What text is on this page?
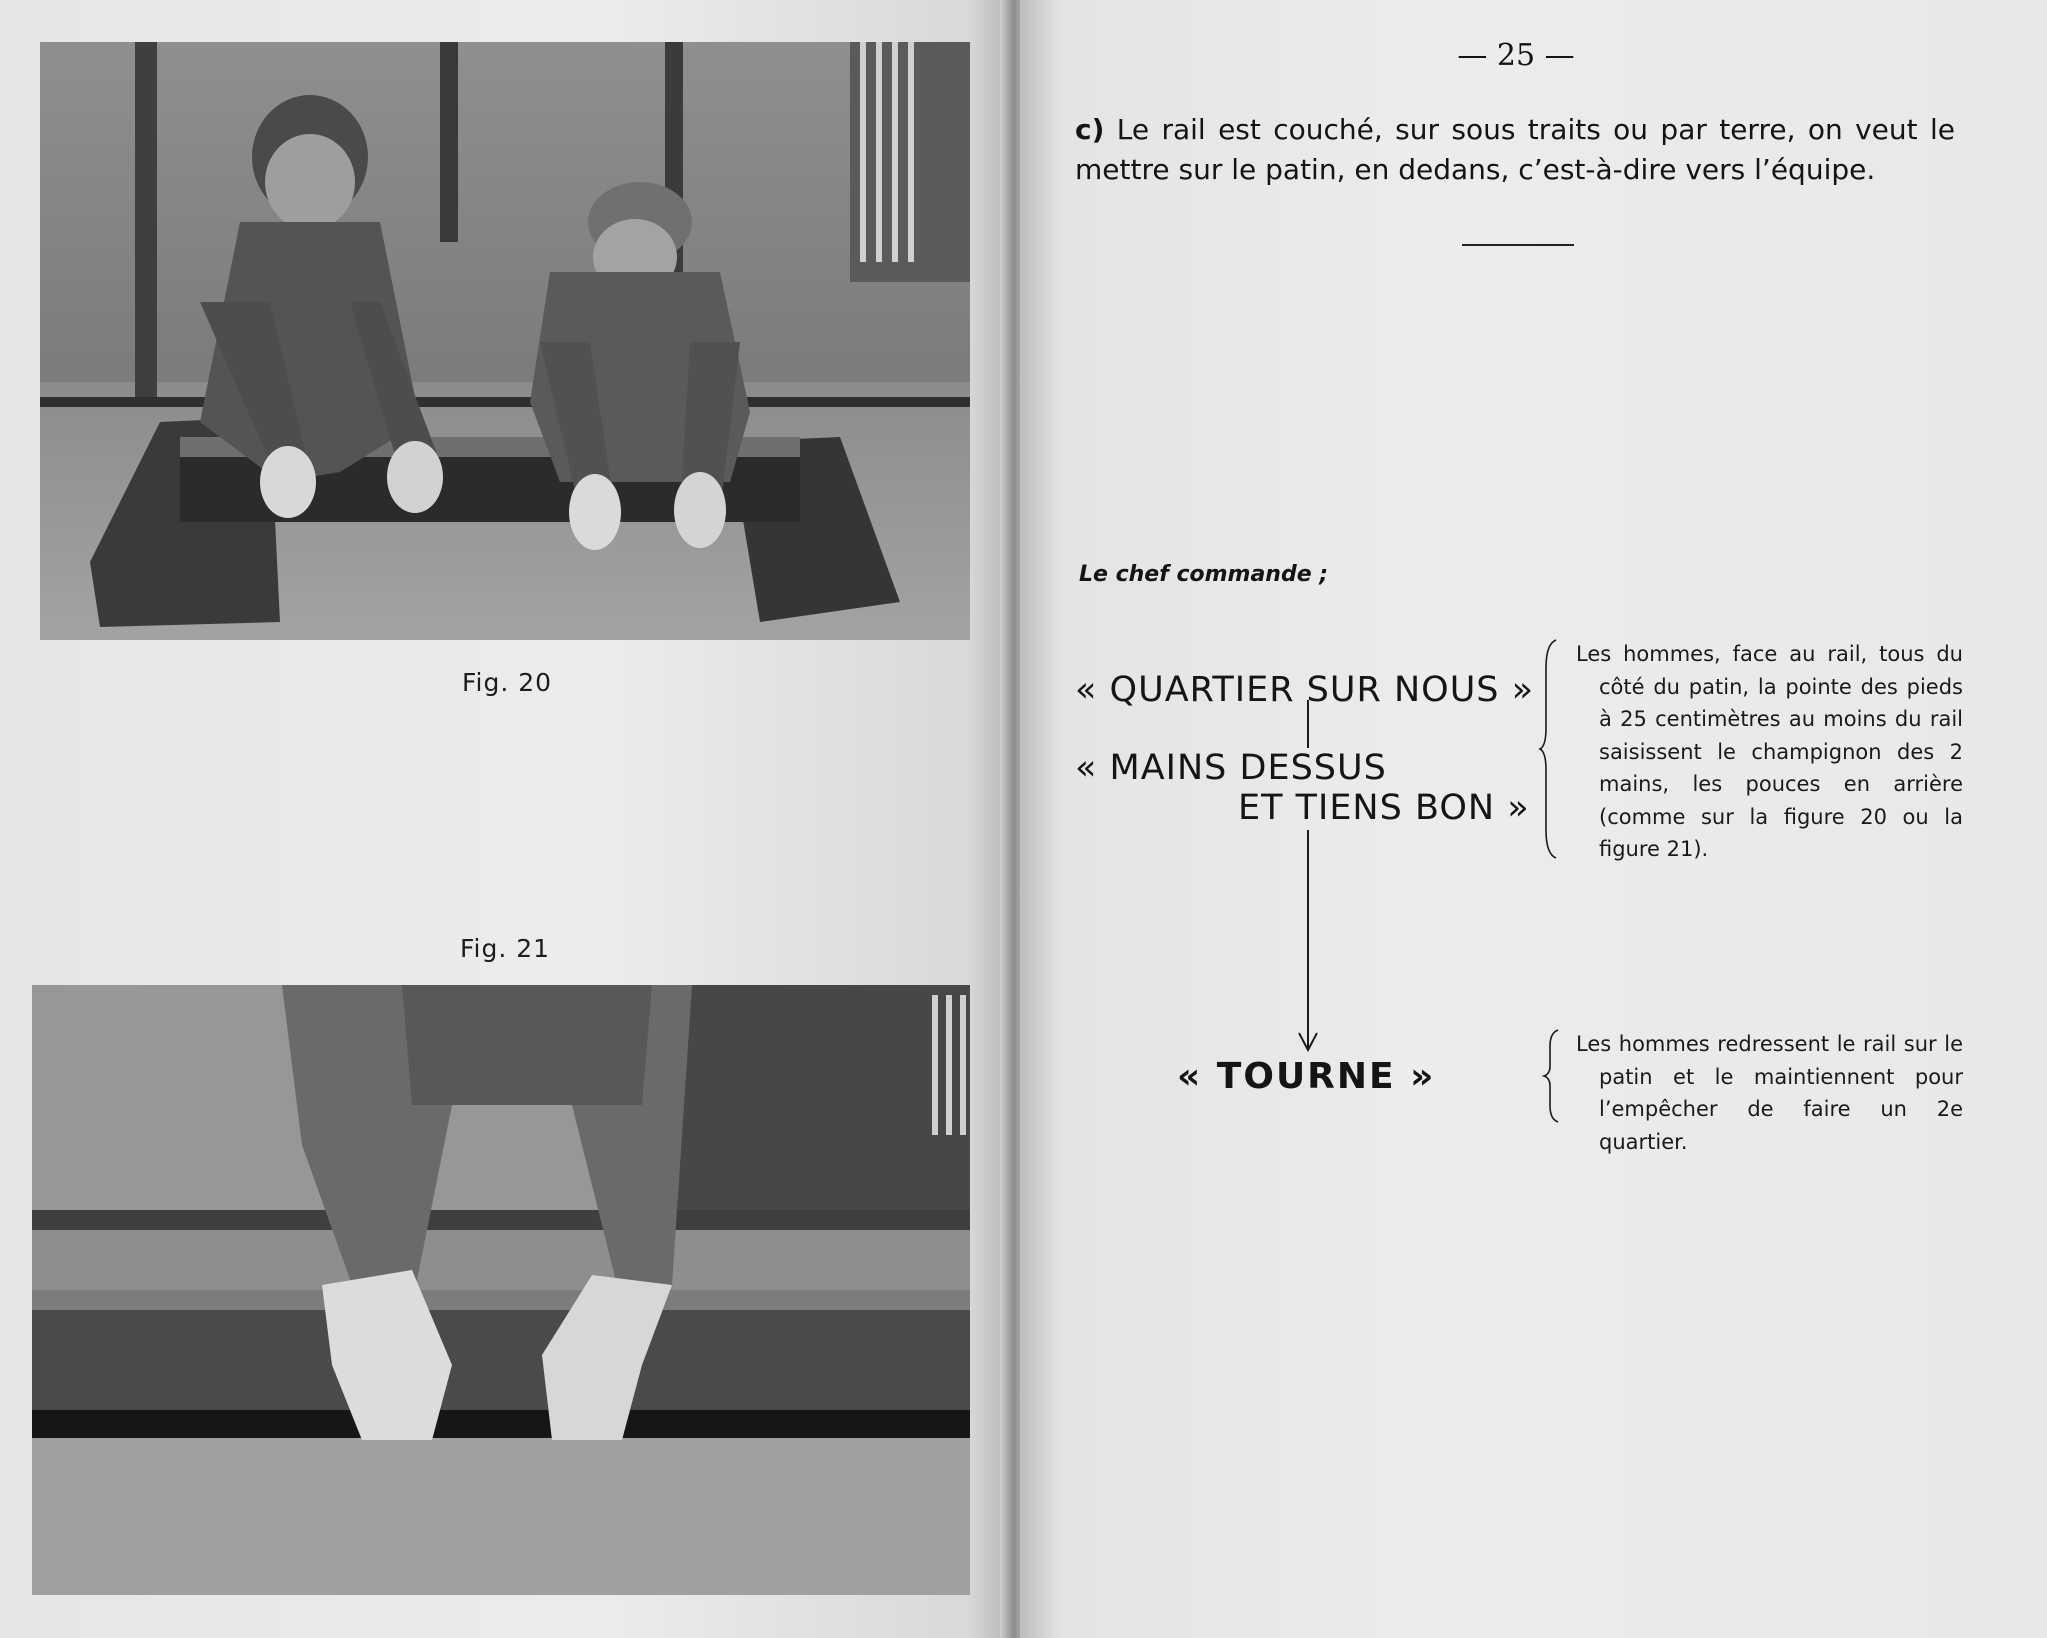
Fig. 20
Fig. 21
— 25 —
c) Le rail est couché, sur sous traits ou par terre, on veut le mettre sur le patin, en dedans, c’est-à-dire vers l’équipe.
Le chef commande ;
« QUARTIER SUR NOUS »
« MAINS DESSUS
ET TIENS BON »
« TOURNE »
Les hommes, face au rail, tous du côté du patin, la pointe des pieds à 25 centimètres au moins du rail saisissent le champignon des 2 mains, les pouces en arrière (comme sur la figure 20 ou la figure 21).
Les hommes redressent le rail sur le patin et le maintiennent pour l’empêcher de faire un 2e quartier.
